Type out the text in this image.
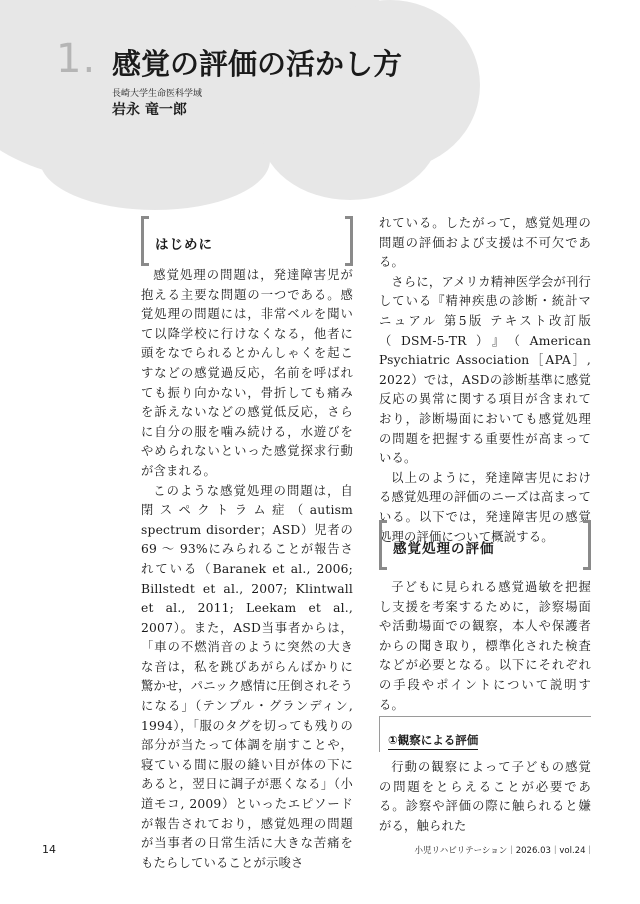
1. 感覚の評価の活かし方
長崎大学生命医科学域
岩永 竜一郎
はじめに

感覚処理の問題は，発達障害児が抱える主要な問題の一つである。感覚処理の問題には，非常ベルを聞いて以降学校に行けなくなる，他者に頭をなでられるとかんしゃくを起こすなどの感覚過反応，名前を呼ばれても振り向かない，骨折しても痛みを訴えないなどの感覚低反応，さらに自分の服を噛み続ける，水遊びをやめられないといった感覚探求行動が含まれる。

このような感覚処理の問題は，自閉スペクトラム症（autism spectrum disorder；ASD）児者の69 ～ 93%にみられることが報告されている（Baranek et al., 2006; Billstedt et al., 2007; Klintwall et al., 2011; Leekam et al., 2007）。また，ASD当事者からは，「車の不燃消音のように突然の大きな音は，私を跳びあがらんばかりに驚かせ，パニック感情に圧倒されそうになる」（テンプル・グランディン, 1994），「服のタグを切っても残りの部分が当たって体調を崩すことや，寝ている間に服の縫い目が体の下にあると，翌日に調子が悪くなる」（小道モコ, 2009）といったエピソードが報告されており，感覚処理の問題が当事者の日常生活に大きな苦痛をもたらしていることが示唆さ

れている。したがって，感覚処理の問題の評価および支援は不可欠である。

さらに，アメリカ精神医学会が刊行している『精神疾患の診断・統計マニュアル 第5版 テキスト改訂版（DSM-5-TR）』（American Psychiatric Association［APA］, 2022）では，ASDの診断基準に感覚反応の異常に関する項目が含まれており，診断場面においても感覚処理の問題を把握する重要性が高まっている。

以上のように，発達障害児における感覚処理の評価のニーズは高まっている。以下では，発達障害児の感覚処理の評価について概説する。

感覚処理の評価

子どもに見られる感覚過敏を把握し支援を考案するために，診察場面や活動場面での観察，本人や保護者からの聞き取り，標準化された検査などが必要となる。以下にそれぞれの手段やポイントについて説明する。

①観察による評価

行動の観察によって子どもの感覚の問題をとらえることが必要である。診察や評価の際に触られると嫌がる，触られた

14	小児リハビリテーション｜2026.03｜vol.24｜
